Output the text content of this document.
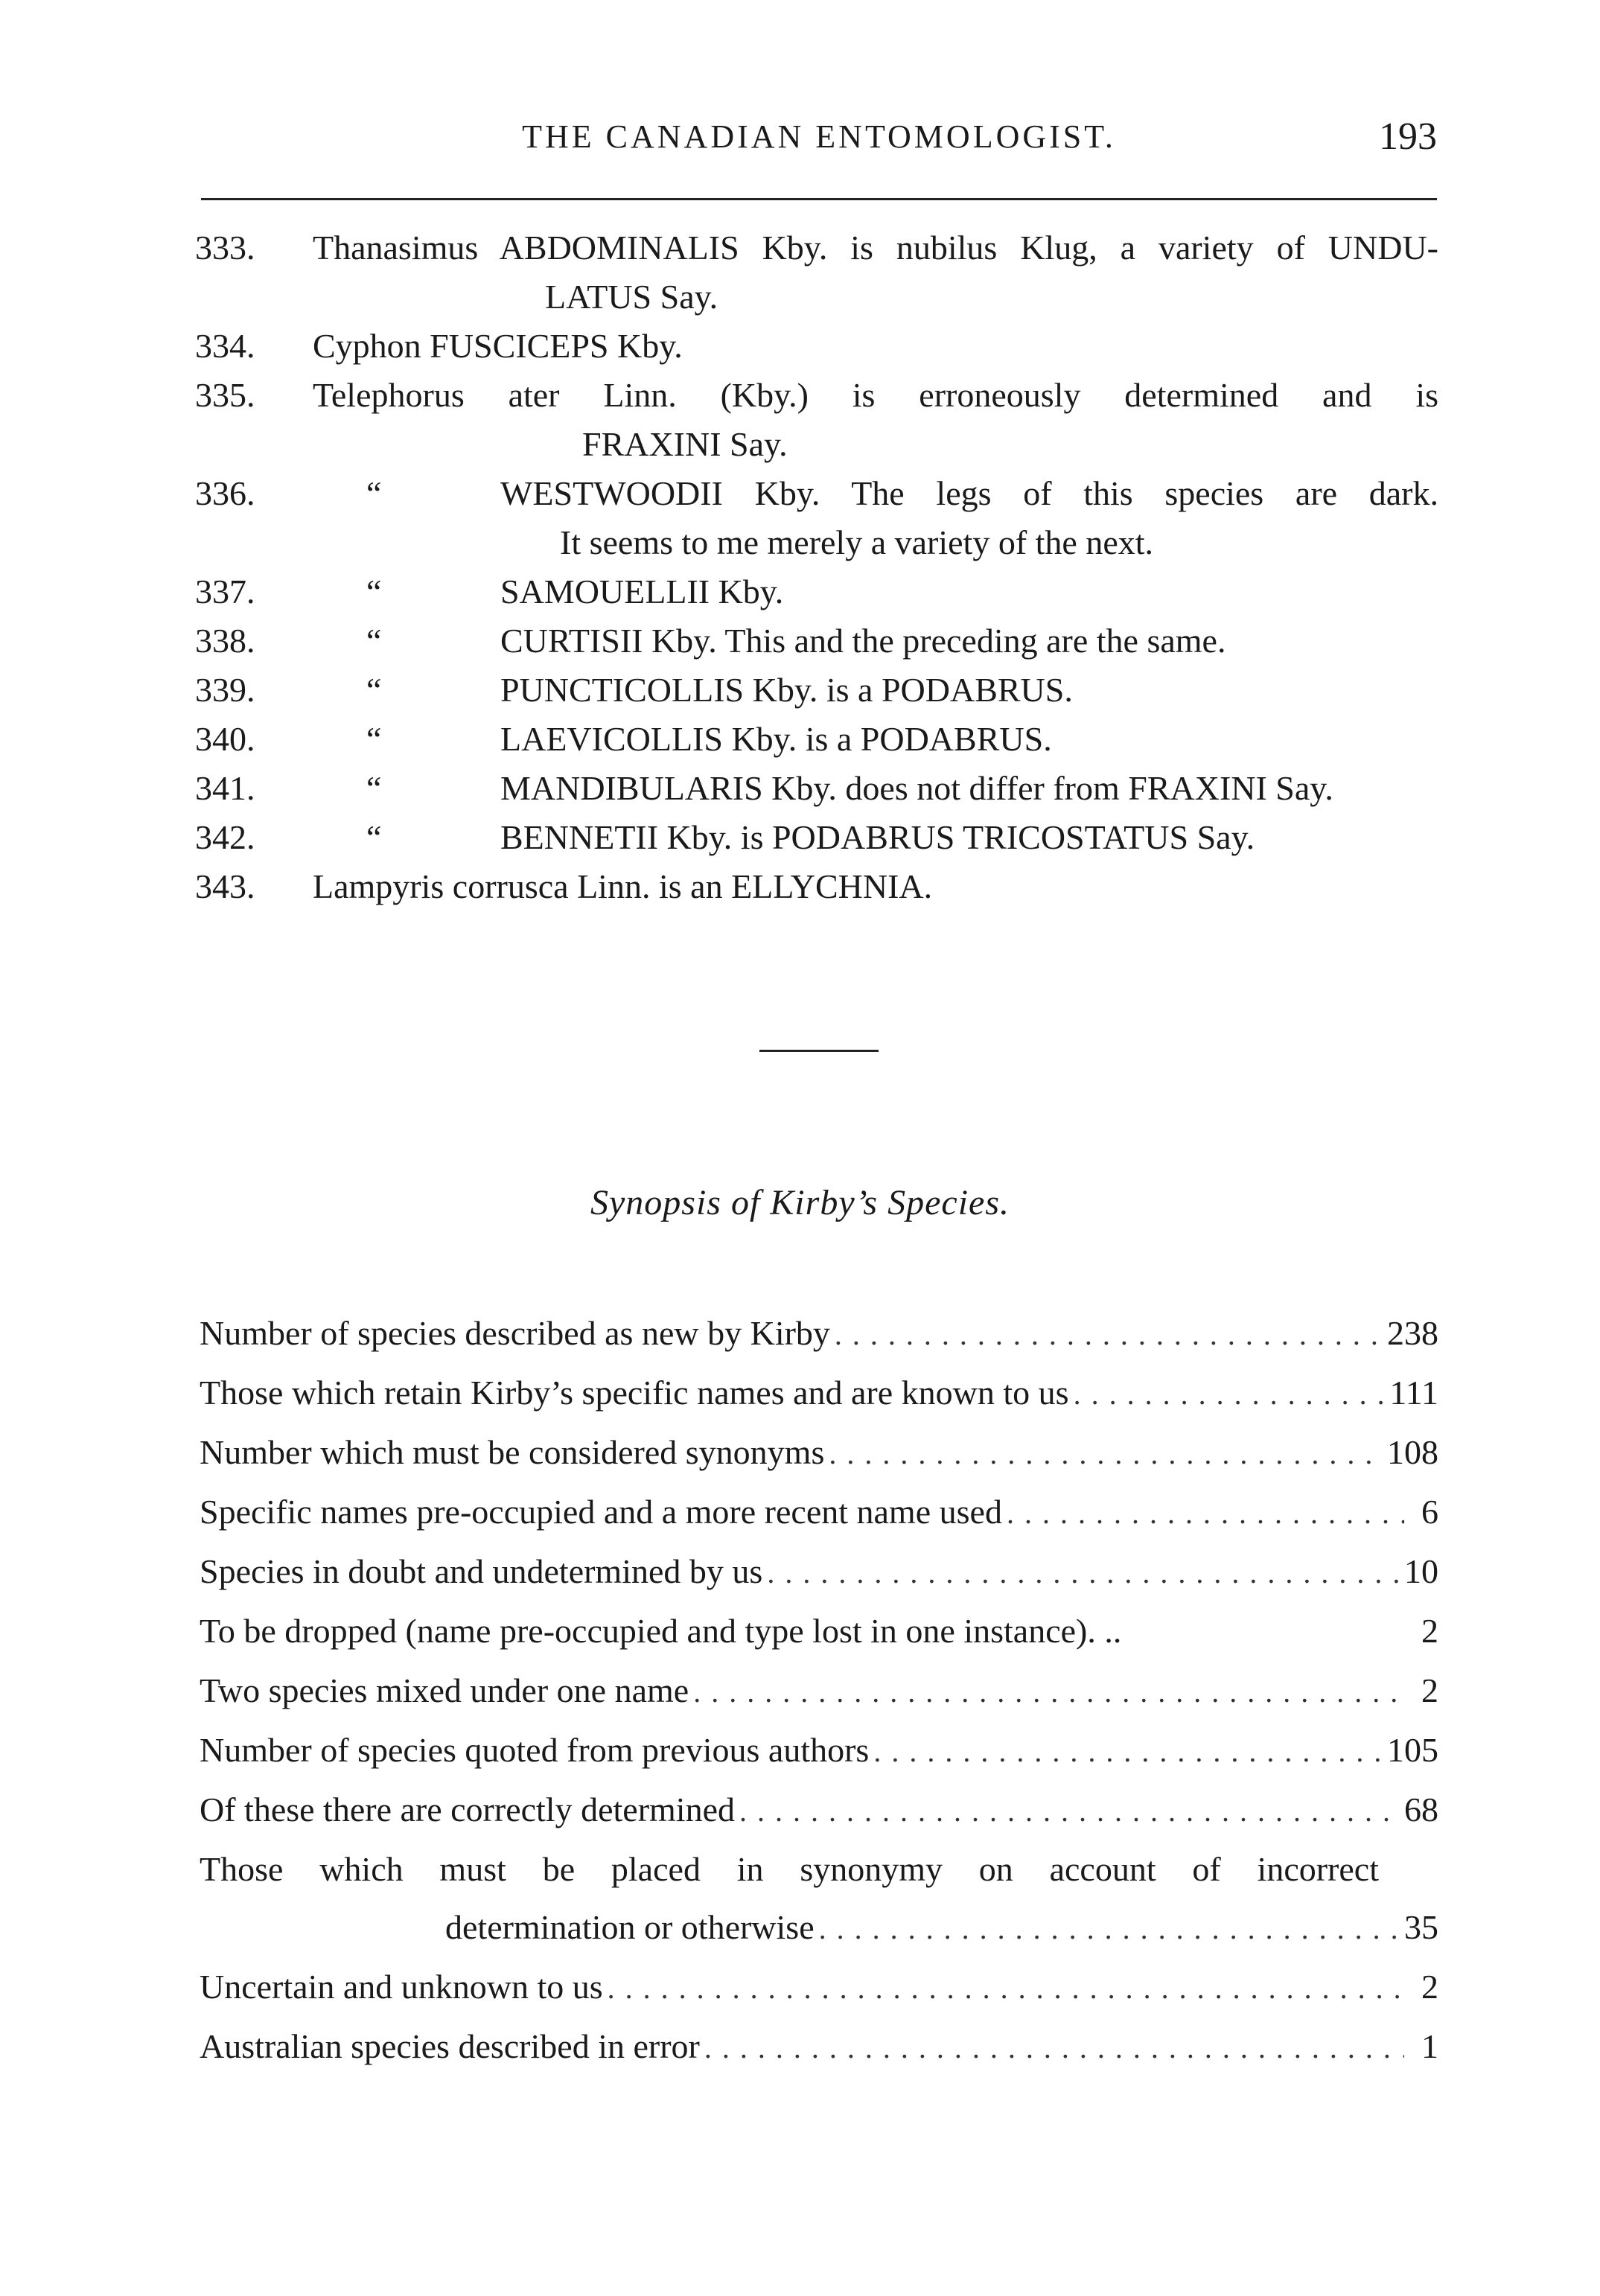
THE CANADIAN ENTOMOLOGIST.	193
333.	Thanasimus ABDOMINALIS Kby. is nubilus Klug, a variety of UNDU-
LATUS Say.
334.	Cyphon FUSCICEPS Kby.
335.	Telephorus ater Linn. (Kby.) is erroneously determined and is
FRAXINI Say.
336.	“	WESTWOODII Kby. The legs of this species are dark.
It seems to me merely a variety of the next.
337.	“	SAMOUELLII Kby.
338.	“	CURTISII Kby. This and the preceding are the same.
339.	“	PUNCTICOLLIS Kby. is a PODABRUS.
340.	“	LAEVICOLLIS Kby. is a PODABRUS.
341.	“	MANDIBULARIS Kby. does not differ from FRAXINI Say.
342.	“	BENNETII Kby. is PODABRUS TRICOSTATUS Say.
343.	Lampyris corrusca Linn. is an ELLYCHNIA.
Synopsis of Kirby’s Species.
Number of species described as new by Kirby . . .	238
Those which retain Kirby’s specific names and are known to us . . .	111
Number which must be considered synonyms . . .	108
Specific names pre-occupied and a more recent name used . . .	6
Species in doubt and undetermined by us . . .	10
To be dropped (name pre-occupied and type lost in one instance). ..	2
Two species mixed under one name . . .	2
Number of species quoted from previous authors . . .	105
Of these there are correctly determined . . .	68
Those which must be placed in synonymy on account of incorrect
determination or otherwise . . .	35
Uncertain and unknown to us . . .	2
Australian species described in error . . .	1
